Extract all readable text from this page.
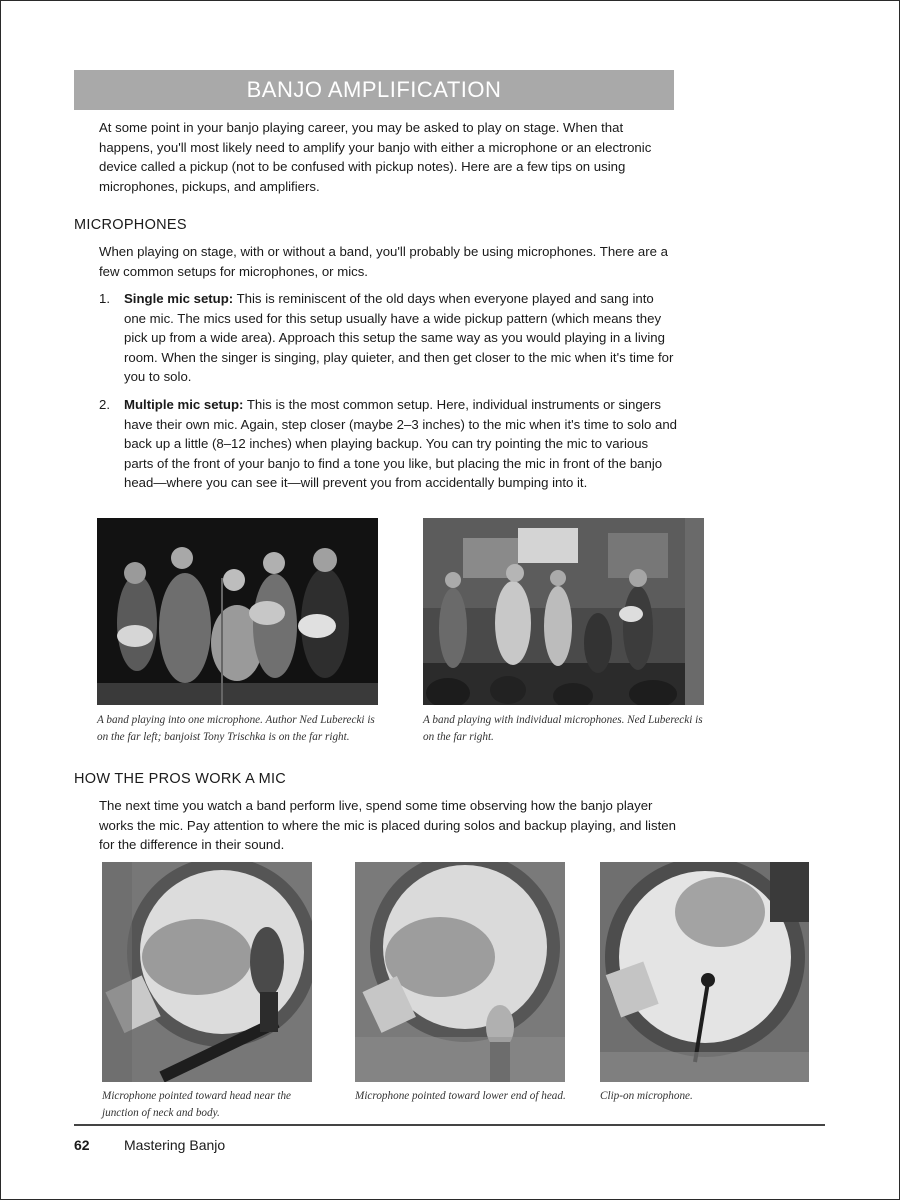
BANJO AMPLIFICATION

At some point in your banjo playing career, you may be asked to play on stage. When that happens, you'll most likely need to amplify your banjo with either a microphone or an electronic device called a pickup (not to be confused with pickup notes). Here are a few tips on using microphones, pickups, and amplifiers.

MICROPHONES

When playing on stage, with or without a band, you'll probably be using microphones. There are a few common setups for microphones, or mics.

1. Single mic setup: This is reminiscent of the old days when everyone played and sang into one mic. The mics used for this setup usually have a wide pickup pattern (which means they pick up from a wide area). Approach this setup the same way as you would playing in a living room. When the singer is singing, play quieter, and then get closer to the mic when it's time for you to solo.
2. Multiple mic setup: This is the most common setup. Here, individual instruments or singers have their own mic. Again, step closer (maybe 2–3 inches) to the mic when it's time to solo and back up a little (8–12 inches) when playing backup. You can try pointing the mic to various parts of the front of your banjo to find a tone you like, but placing the mic in front of the banjo head—where you can see it—will prevent you from accidentally bumping into it.
A band playing into one microphone. Author Ned Luberecki is on the far left; banjoist Tony Trischka is on the far right.
A band playing with individual microphones. Ned Luberecki is on the far right.
HOW THE PROS WORK A MIC

The next time you watch a band perform live, spend some time observing how the banjo player works the mic. Pay attention to where the mic is placed during solos and backup playing, and listen for the difference in their sound.

Microphone pointed toward head near the junction of neck and body.
Microphone pointed toward lower end of head.	Clip-on microphone.
62 Mastering Banjo
